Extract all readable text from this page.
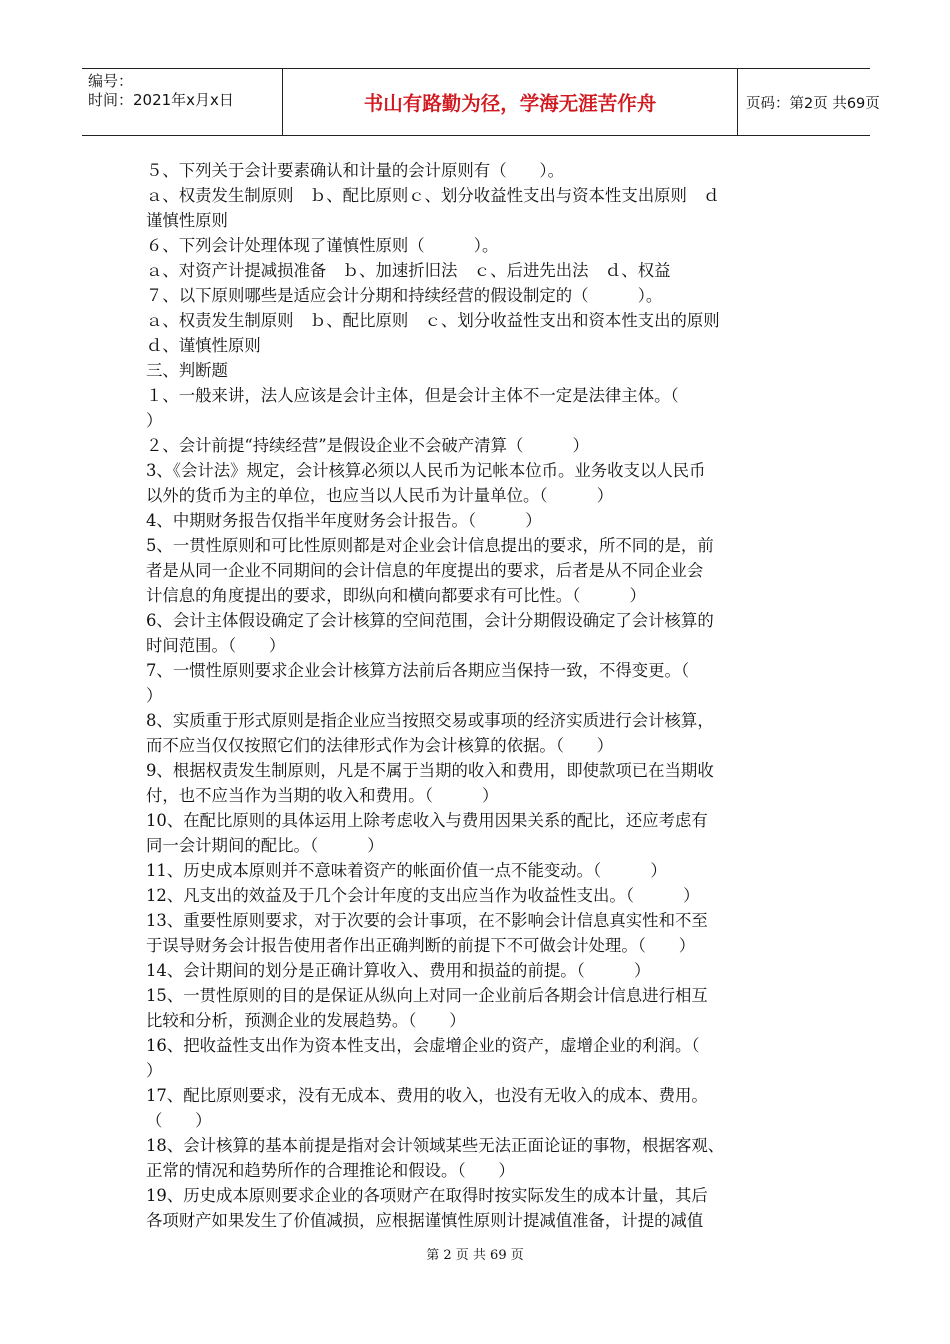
编号：
时间：2021年x月x日	书山有路勤为径，学海无涯苦作舟	页码：第2页 共69页
５、下列关于会计要素确认和计量的会计原则有（　　）。
ａ、权责发生制原则　ｂ、配比原则ｃ、划分收益性支出与资本性支出原则　ｄ
谨慎性原则
６、下列会计处理体现了谨慎性原则（　　　）。
ａ、对资产计提减损准备　ｂ、加速折旧法　ｃ、后进先出法　ｄ、权益
７、以下原则哪些是适应会计分期和持续经营的假设制定的（　　　）。
ａ、权责发生制原则　ｂ、配比原则　ｃ、划分收益性支出和资本性支出的原则
ｄ、谨慎性原则
三、判断题
１、一般来讲，法人应该是会计主体，但是会计主体不一定是法律主体。（
）
２、会计前提“持续经营”是假设企业不会破产清算（　　　）
3、《会计法》规定，会计核算必须以人民币为记帐本位币。业务收支以人民币
以外的货币为主的单位，也应当以人民币为计量单位。（　　　）
4、中期财务报告仅指半年度财务会计报告。（　　　）
5、一贯性原则和可比性原则都是对企业会计信息提出的要求，所不同的是，前
者是从同一企业不同期间的会计信息的年度提出的要求，后者是从不同企业会
计信息的角度提出的要求，即纵向和横向都要求有可比性。（　　　）
6、会计主体假设确定了会计核算的空间范围，会计分期假设确定了会计核算的
时间范围。（　　）
7、一惯性原则要求企业会计核算方法前后各期应当保持一致，不得变更。（
）
8、实质重于形式原则是指企业应当按照交易或事项的经济实质进行会计核算，
而不应当仅仅按照它们的法律形式作为会计核算的依据。（　　）
9、根据权责发生制原则，凡是不属于当期的收入和费用，即使款项已在当期收
付，也不应当作为当期的收入和费用。（　　　）
10、在配比原则的具体运用上除考虑收入与费用因果关系的配比，还应考虑有
同一会计期间的配比。（　　　）
11、历史成本原则并不意味着资产的帐面价值一点不能变动。（　　　）
12、凡支出的效益及于几个会计年度的支出应当作为收益性支出。（　　　）
13、重要性原则要求，对于次要的会计事项，在不影响会计信息真实性和不至
于误导财务会计报告使用者作出正确判断的前提下不可做会计处理。（　　）
14、会计期间的划分是正确计算收入、费用和损益的前提。（　　　）
15、一贯性原则的目的是保证从纵向上对同一企业前后各期会计信息进行相互
比较和分析，预测企业的发展趋势。（　　）
16、把收益性支出作为资本性支出，会虚增企业的资产，虚增企业的利润。（
）
17、配比原则要求，没有无成本、费用的收入，也没有无收入的成本、费用。
（　　）
18、会计核算的基本前提是指对会计领域某些无法正面论证的事物，根据客观、
正常的情况和趋势所作的合理推论和假设。（　　）
19、历史成本原则要求企业的各项财产在取得时按实际发生的成本计量，其后
各项财产如果发生了价值减损，应根据谨慎性原则计提减值准备，计提的减值
第 2 页 共 69 页
